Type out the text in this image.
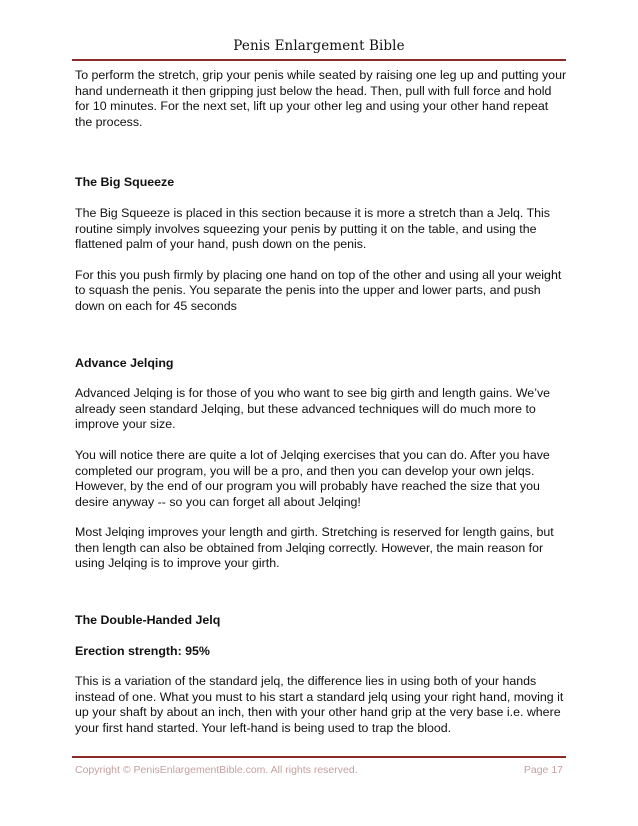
Penis Enlargement Bible

To perform the stretch, grip your penis while seated by raising one leg up and putting your hand underneath it then gripping just below the head. Then, pull with full force and hold for 10 minutes. For the next set, lift up your other leg and using your other hand repeat the process.

The Big Squeeze

The Big Squeeze is placed in this section because it is more a stretch than a Jelq. This routine simply involves squeezing your penis by putting it on the table, and using the flattened palm of your hand, push down on the penis.

For this you push firmly by placing one hand on top of the other and using all your weight to squash the penis. You separate the penis into the upper and lower parts, and push down on each for 45 seconds

Advance Jelqing

Advanced Jelqing is for those of you who want to see big girth and length gains. We’ve already seen standard Jelqing, but these advanced techniques will do much more to improve your size.

You will notice there are quite a lot of Jelqing exercises that you can do. After you have completed our program, you will be a pro, and then you can develop your own jelqs. However, by the end of our program you will probably have reached the size that you desire anyway -- so you can forget all about Jelqing!

Most Jelqing improves your length and girth. Stretching is reserved for length gains, but then length can also be obtained from Jelqing correctly. However, the main reason for using Jelqing is to improve your girth.

The Double-Handed Jelq

Erection strength: 95%

This is a variation of the standard jelq, the difference lies in using both of your hands instead of one. What you must to his start a standard jelq using your right hand, moving it up your shaft by about an inch, then with your other hand grip at the very base i.e. where your first hand started. Your left-hand is being used to trap the blood.

Copyright © PenisEnlargementBible.com. All rights reserved.	Page 17
